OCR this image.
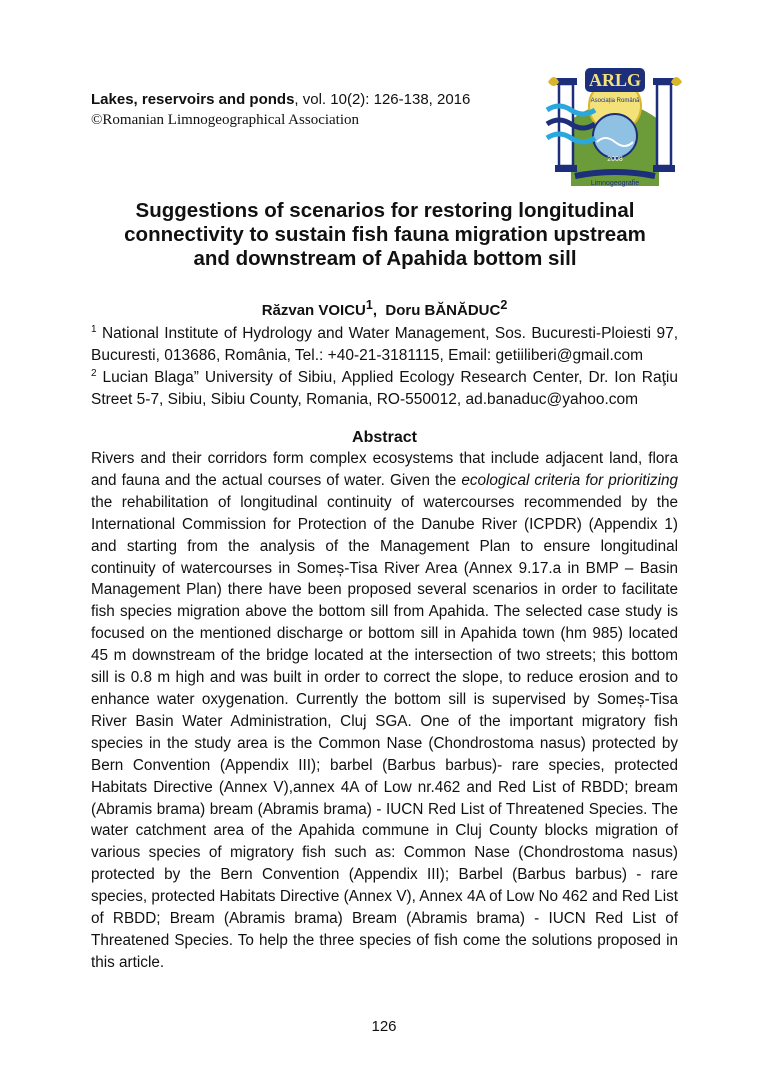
Lakes, reservoirs and ponds, vol. 10(2): 126-138, 2016
©Romanian Limnogeographical Association
ARLG
Asociația Română
2008
Limnogeografie
Suggestions of scenarios for restoring longitudinal
connectivity to sustain fish fauna migration upstream
and downstream of Apahida bottom sill
Răzvan VOICU$^1$,  Doru BĂNĂDUC$^2$
$^1$ National Institute of Hydrology and Water Management, Sos. Bucuresti-Ploiesti 97, Bucuresti, 013686, România, Tel.: +40-21-3181115, Email: getiiliberi@gmail.com
$^2$ Lucian Blaga” University of Sibiu, Applied Ecology Research Center, Dr. Ion Raţiu Street 5-7, Sibiu, Sibiu County, Romania, RO-550012, ad.banaduc@yahoo.com
Abstract
Rivers and their corridors form complex ecosystems that include adjacent land, flora and fauna and the actual courses of water. Given the ecological criteria for prioritizing the rehabilitation of longitudinal continuity of watercourses recommended by the International Commission for Protection of the Danube River (ICPDR) (Appendix 1) and starting from the analysis of the Management Plan to ensure longitudinal continuity of watercourses in Someș-Tisa River Area (Annex 9.17.a in BMP – Basin Management Plan) there have been proposed several scenarios in order to facilitate fish species migration above the bottom sill from Apahida. The selected case study is focused on the mentioned discharge or bottom sill in Apahida town (hm 985) located 45 m downstream of the bridge located at the intersection of two streets; this bottom sill is 0.8 m high and was built in order to correct the slope, to reduce erosion and to enhance water oxygenation. Currently the bottom sill is supervised by Someș-Tisa River Basin Water Administration, Cluj SGA. One of the important migratory fish species in the study area is the Common Nase (Chondrostoma nasus) protected by Bern Convention (Appendix III); barbel (Barbus barbus)- rare species, protected Habitats Directive (Annex V),annex 4A of Low nr.462 and Red List of RBDD; bream (Abramis brama) bream (Abramis brama) - IUCN Red List of Threatened Species. The water catchment area of the Apahida commune in Cluj County blocks migration of various species of migratory fish such as: Common Nase (Chondrostoma nasus) protected by the Bern Convention (Appendix III); Barbel (Barbus barbus) - rare species, protected Habitats Directive (Annex V), Annex 4A of Low No 462 and Red List of RBDD; Bream (Abramis brama) Bream (Abramis brama) - IUCN Red List of Threatened Species. To help the three species of fish come the solutions proposed in this article.
126
